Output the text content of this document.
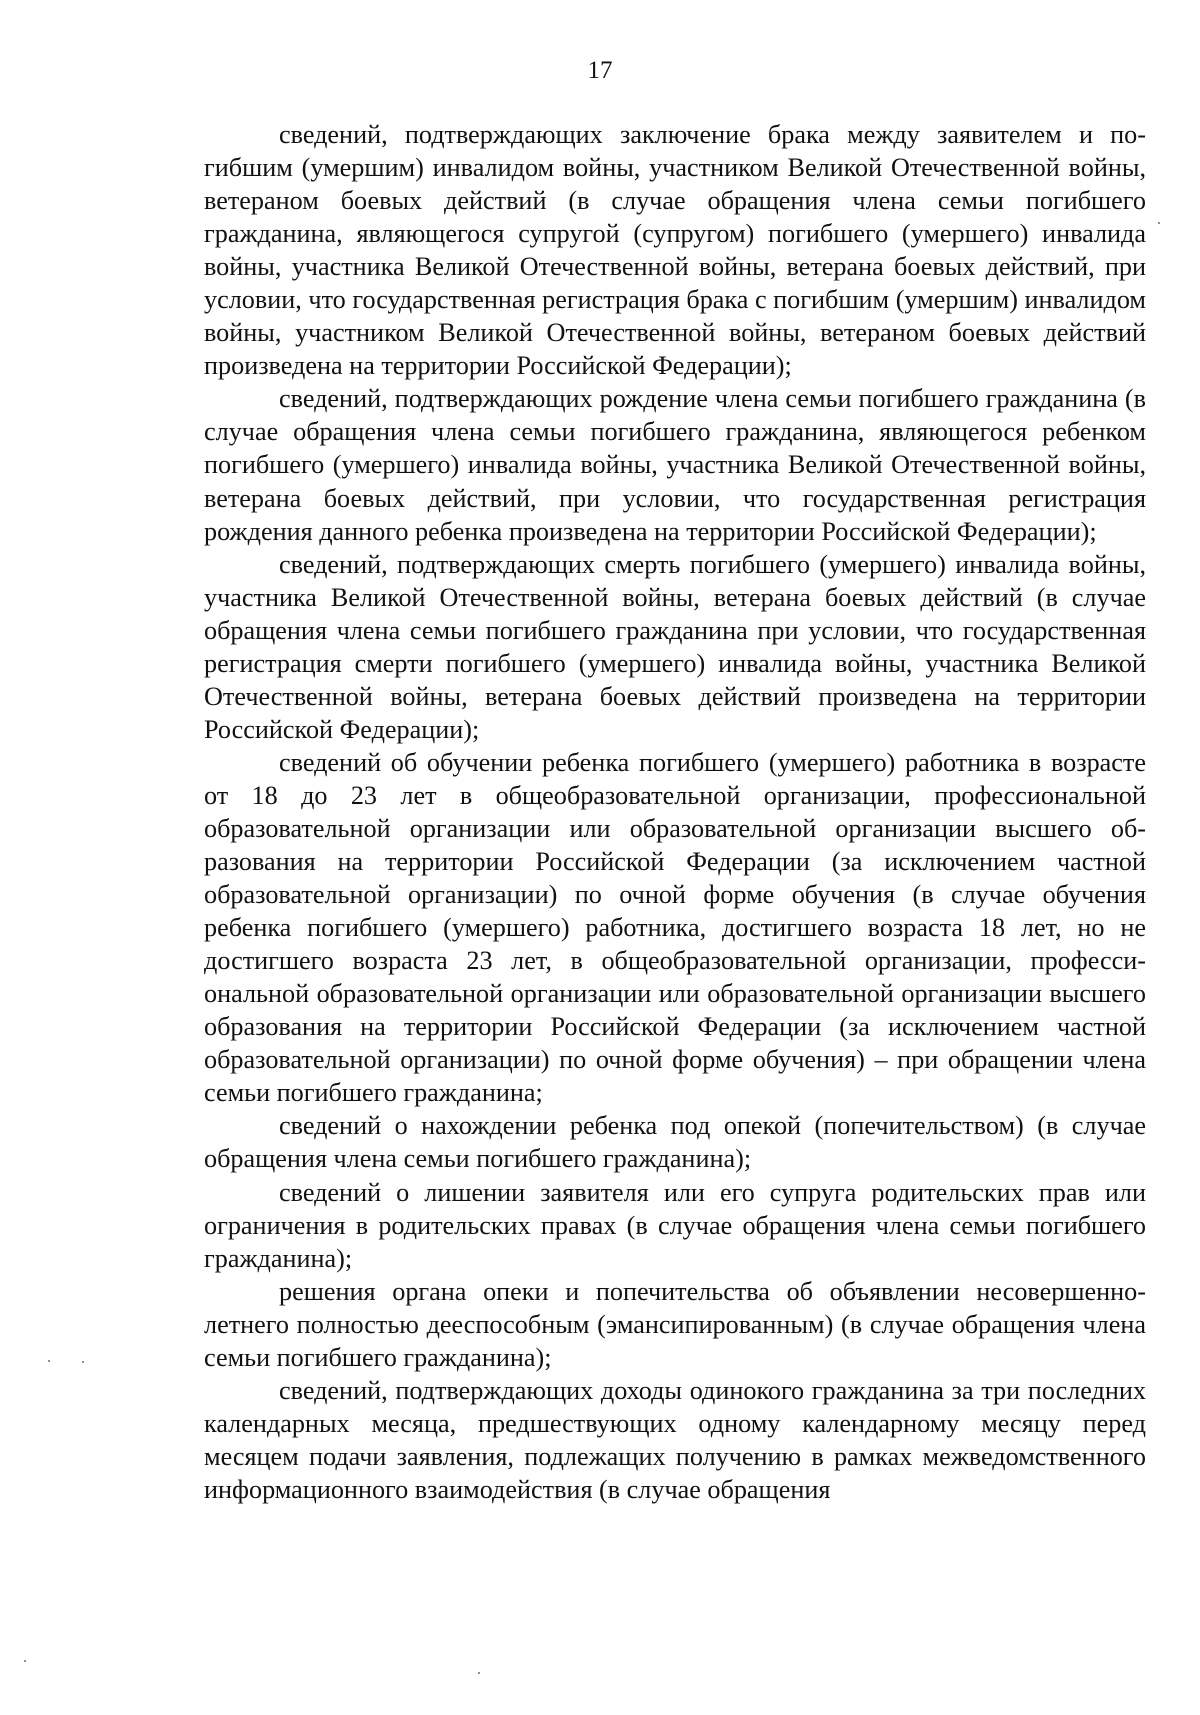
17

сведений, подтверждающих заключение брака между заявителем и погибшим (умершим) инвалидом войны, участником Великой Отечественной войны, ветераном боевых действий (в случае обращения члена семьи погибшего гражданина, являющегося супругой (супругом) погибшего (умершего) инвалида войны, участника Великой Отечественной войны, ветерана боевых действий, при условии, что государственная регистрация брака с погибшим (умершим) инвалидом войны, участником Великой Отечественной войны, ветераном боевых действий произведена на территории Российской Федерации);

сведений, подтверждающих рождение члена семьи погибшего гражданина (в случае обращения члена семьи погибшего гражданина, являющегося ребенком погибшего (умершего) инвалида войны, участника Великой Отечественной войны, ветерана боевых действий, при условии, что государственная регистрация рождения данного ребенка произведена на территории Российской Федерации);

сведений, подтверждающих смерть погибшего (умершего) инвалида войны, участника Великой Отечественной войны, ветерана боевых действий (в случае обращения члена семьи погибшего гражданина при условии, что государственная регистрация смерти погибшего (умершего) инвалида войны, участника Великой Отечественной войны, ветерана боевых действий произведена на территории Российской Федерации);

сведений об обучении ребенка погибшего (умершего) работника в возрасте от 18 до 23 лет в общеобразовательной организации, профессиональной образовательной организации или образовательной организации высшего образования на территории Российской Федерации (за исключением частной образовательной организации) по очной форме обучения (в случае обучения ребенка погибшего (умершего) работника, достигшего возраста 18 лет, но не достигшего возраста 23 лет, в общеобразовательной организации, профессиональной образовательной организации или образовательной организации высшего образования на территории Российской Федерации (за исключением частной образовательной организации) по очной форме обучения) – при обращении члена семьи погибшего гражданина;

сведений о нахождении ребенка под опекой (попечительством) (в случае обращения члена семьи погибшего гражданина);

сведений о лишении заявителя или его супруга родительских прав или ограничения в родительских правах (в случае обращения члена семьи погибшего гражданина);

решения органа опеки и попечительства об объявлении несовершеннолетнего полностью дееспособным (эмансипированным) (в случае обращения члена семьи погибшего гражданина);

сведений, подтверждающих доходы одинокого гражданина за три последних календарных месяца, предшествующих одному календарному месяцу перед месяцем подачи заявления, подлежащих получению в рамках межведомственного информационного взаимодействия (в случае обращения
